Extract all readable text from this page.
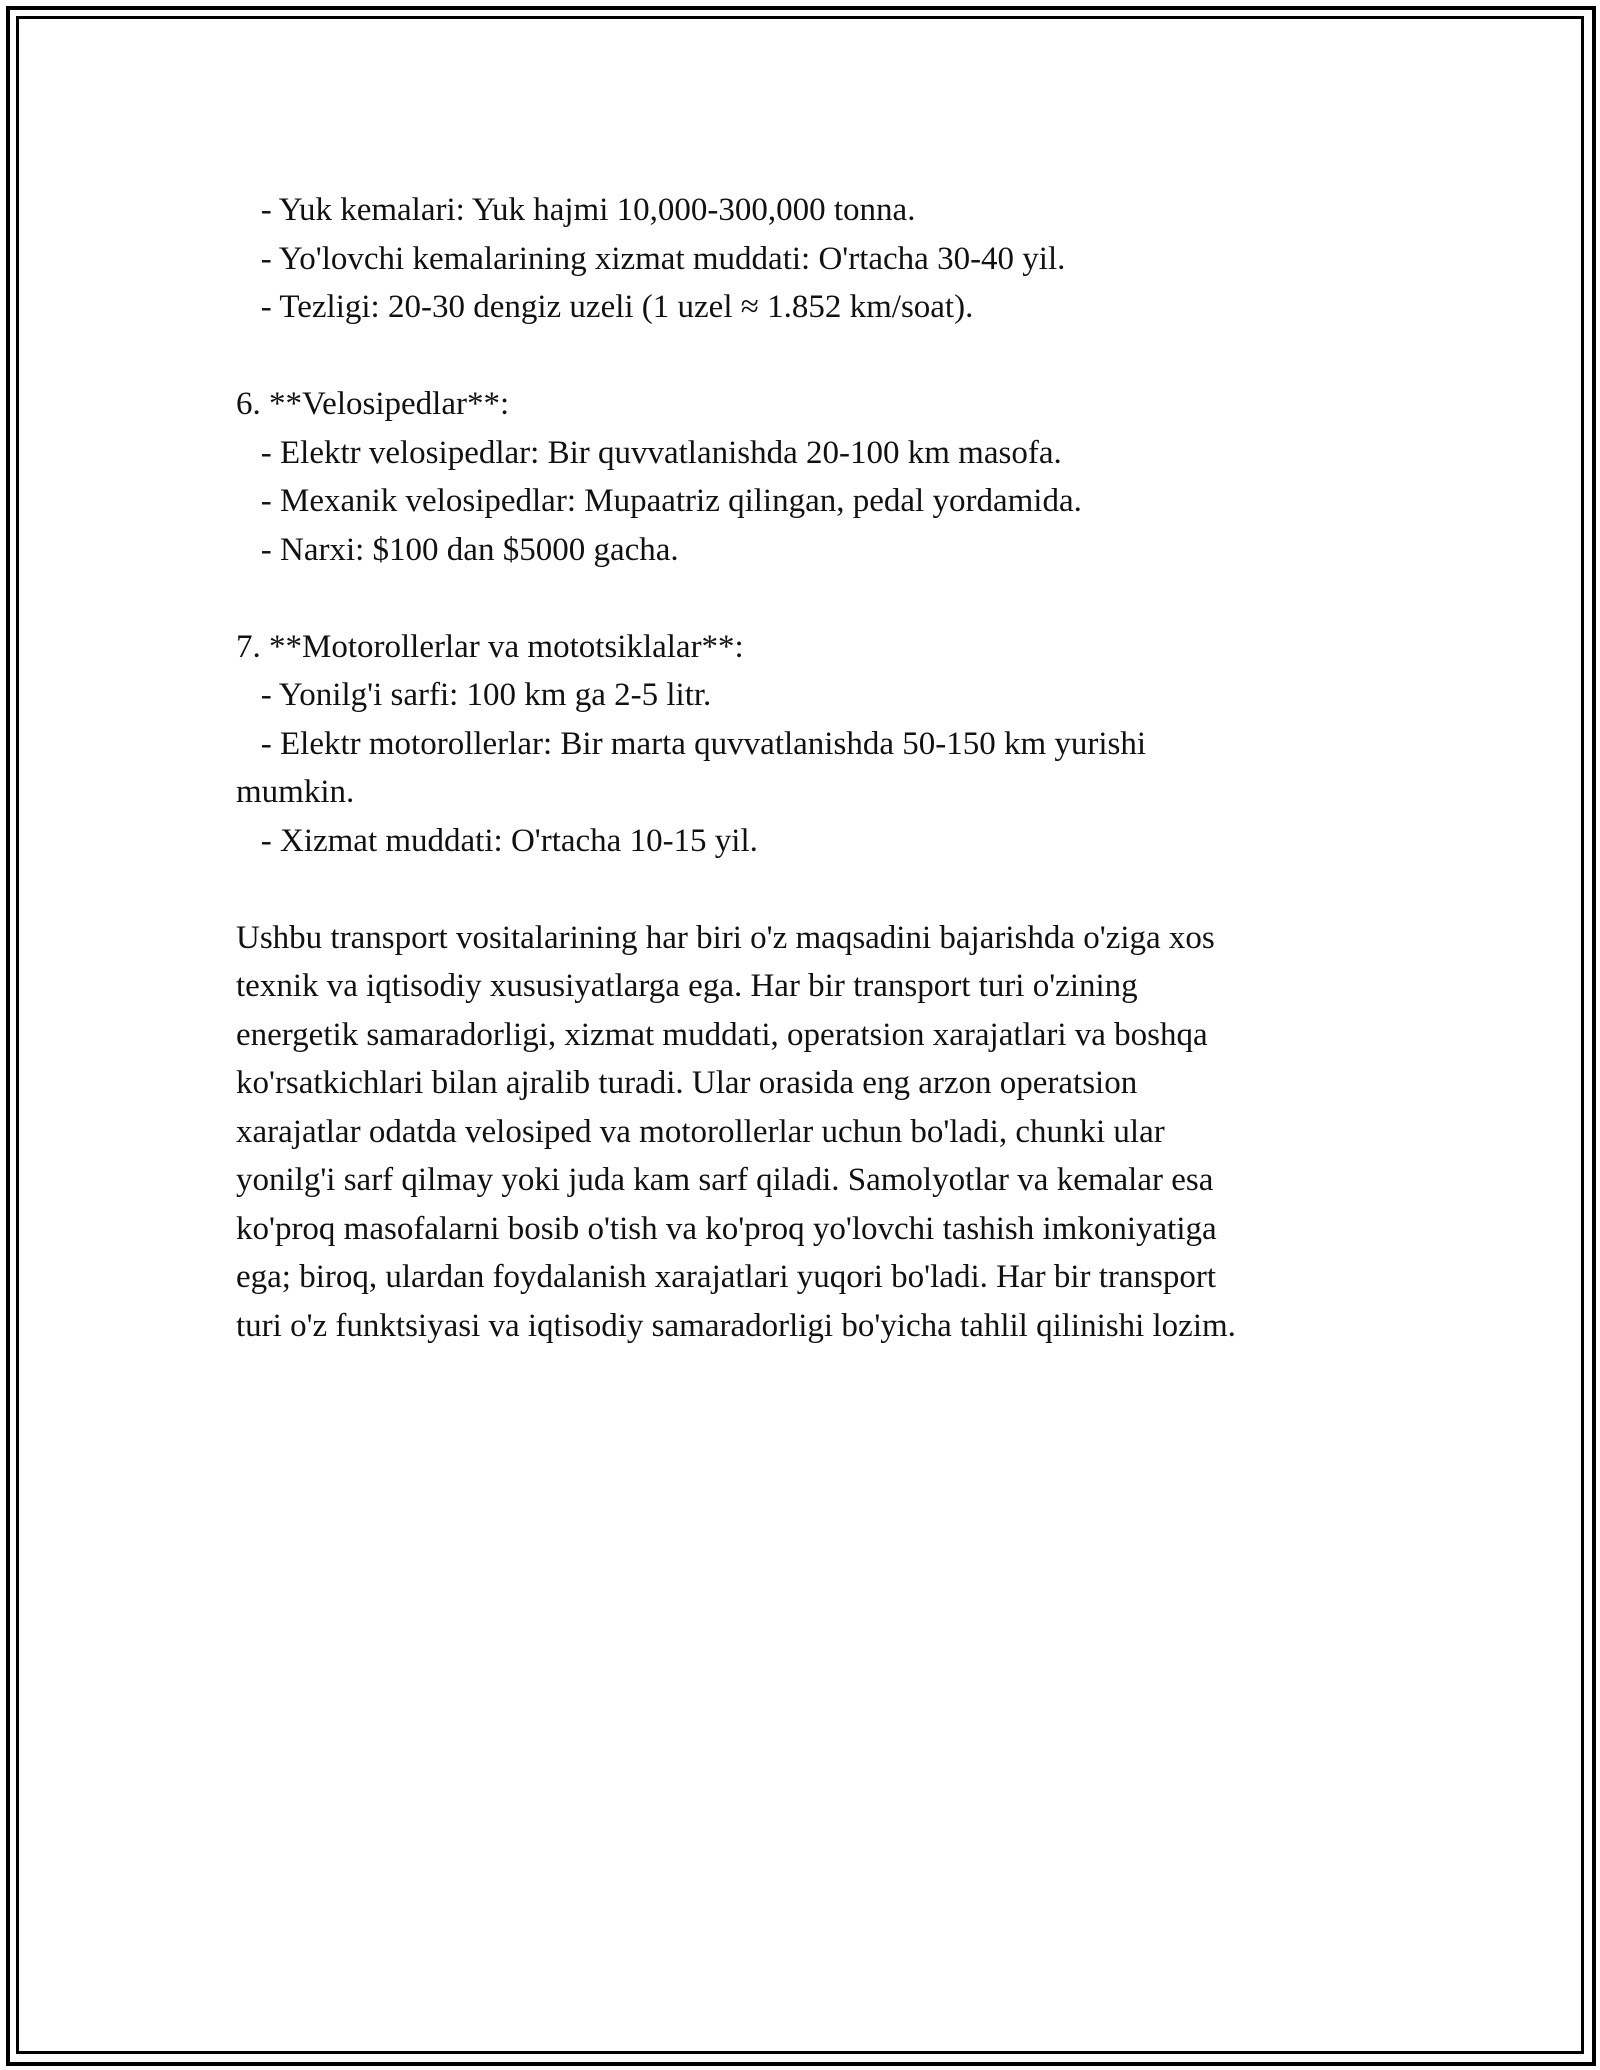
- Yuk kemalari: Yuk hajmi 10,000-300,000 tonna.

- Yo'lovchi kemalarining xizmat muddati: O'rtacha 30-40 yil.

- Tezligi: 20-30 dengiz uzeli (1 uzel ≈ 1.852 km/soat).

6. **Velosipedlar**:

- Elektr velosipedlar: Bir quvvatlanishda 20-100 km masofa.

- Mexanik velosipedlar: Mupaatriz qilingan, pedal yordamida.

- Narxi: $100 dan $5000 gacha.

7. **Motorollerlar va mototsiklalar**:

- Yonilg'i sarfi: 100 km ga 2-5 litr.

- Elektr motorollerlar: Bir marta quvvatlanishda 50-150 km yurishi

mumkin.

- Xizmat muddati: O'rtacha 10-15 yil.

Ushbu transport vositalarining har biri o'z maqsadini bajarishda o'ziga xos

texnik va iqtisodiy xususiyatlarga ega. Har bir transport turi o'zining

energetik samaradorligi, xizmat muddati, operatsion xarajatlari va boshqa

ko'rsatkichlari bilan ajralib turadi. Ular orasida eng arzon operatsion

xarajatlar odatda velosiped va motorollerlar uchun bo'ladi, chunki ular

yonilg'i sarf qilmay yoki juda kam sarf qiladi. Samolyotlar va kemalar esa

ko'proq masofalarni bosib o'tish va ko'proq yo'lovchi tashish imkoniyatiga

ega; biroq, ulardan foydalanish xarajatlari yuqori bo'ladi. Har bir transport

turi o'z funktsiyasi va iqtisodiy samaradorligi bo'yicha tahlil qilinishi lozim.
